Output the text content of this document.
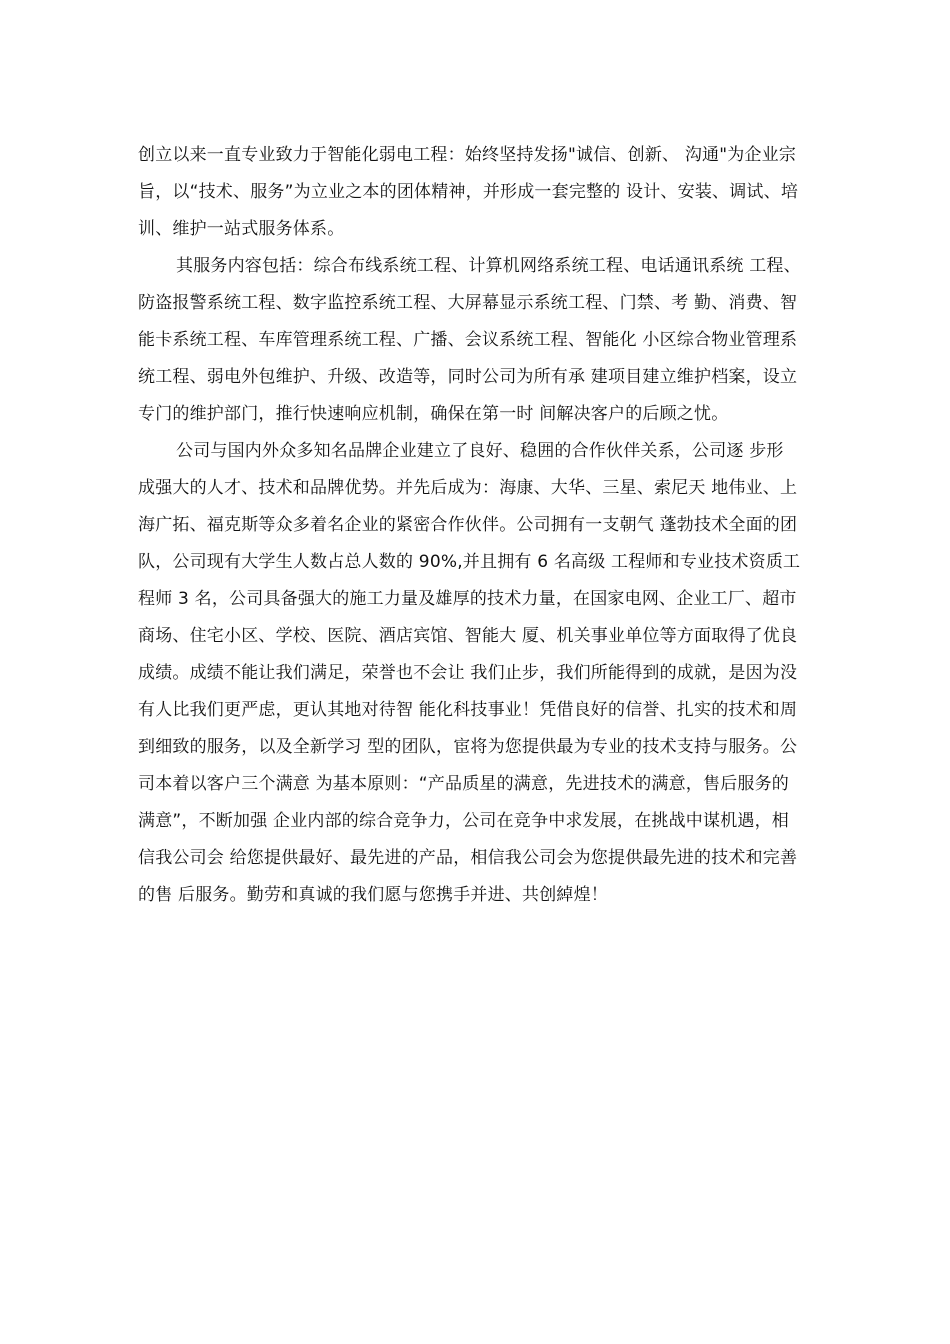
创立以来一直专业致力于智能化弱电工程：始终坚持发扬"诚信、创新、 沟通"为企业宗
旨，以“技术、服务”为立业之本的团体精神，并形成一套完整的 设计、安装、调试、培
训、维护一站式服务体系。
其服务内容包括：综合布线系统工程、计算机网络系统工程、电话通讯系统 工程、
防盗报警系统工程、数字监控系统工程、大屏幕显示系统工程、门禁、考 勤、消费、智
能卡系统工程、车库管理系统工程、广播、会议系统工程、智能化 小区综合物业管理系
统工程、弱电外包维护、升级、改造等，同时公司为所有承 建项目建立维护档案，设立
专门的维护部门，推行快速响应机制，确保在第一时 间解决客户的后顾之忧。
公司与国内外众多知名品牌企业建立了良好、稳囲的合作伙伴关系，公司逐 步形
成强大的人才、技术和品牌优势。并先后成为：海康、大华、三星、索尼天 地伟业、上
海广拓、福克斯等众多着名企业的紧密合作伙伴。公司拥有一支朝气 蓬勃技术全面的团
队，公司现有大学生人数占总人数的 90%,并且拥有 6 名高级 工程师和专业技术资质工
程师 3 名，公司具备强大的施工力量及雄厚的技术力量，在国家电网、企业工厂、超市
商场、住宅小区、学校、医院、酒店宾馆、智能大 厦、机关事业单位等方面取得了优良
成绩。成绩不能让我们满足，荣誉也不会让 我们止步，我们所能得到的成就，是因为没
有人比我们更严虑，更认其地对待智 能化科技事业！凭借良好的信誉、扎实的技术和周
到细致的服务，以及全新学习 型的团队，宦将为您提供最为专业的技术支持与服务。公
司本着以客户三个满意 为基本原则：“产品质星的满意，先进技术的满意，售后服务的
满意”，不断加强 企业内部的综合竞争力，公司在竞争中求发展，在挑战中谋机遇，相
信我公司会 给您提供最好、最先进的产品，相信我公司会为您提供最先进的技术和完善
的售 后服务。勤劳和真诚的我们愿与您携手并进、共创綽煌！
